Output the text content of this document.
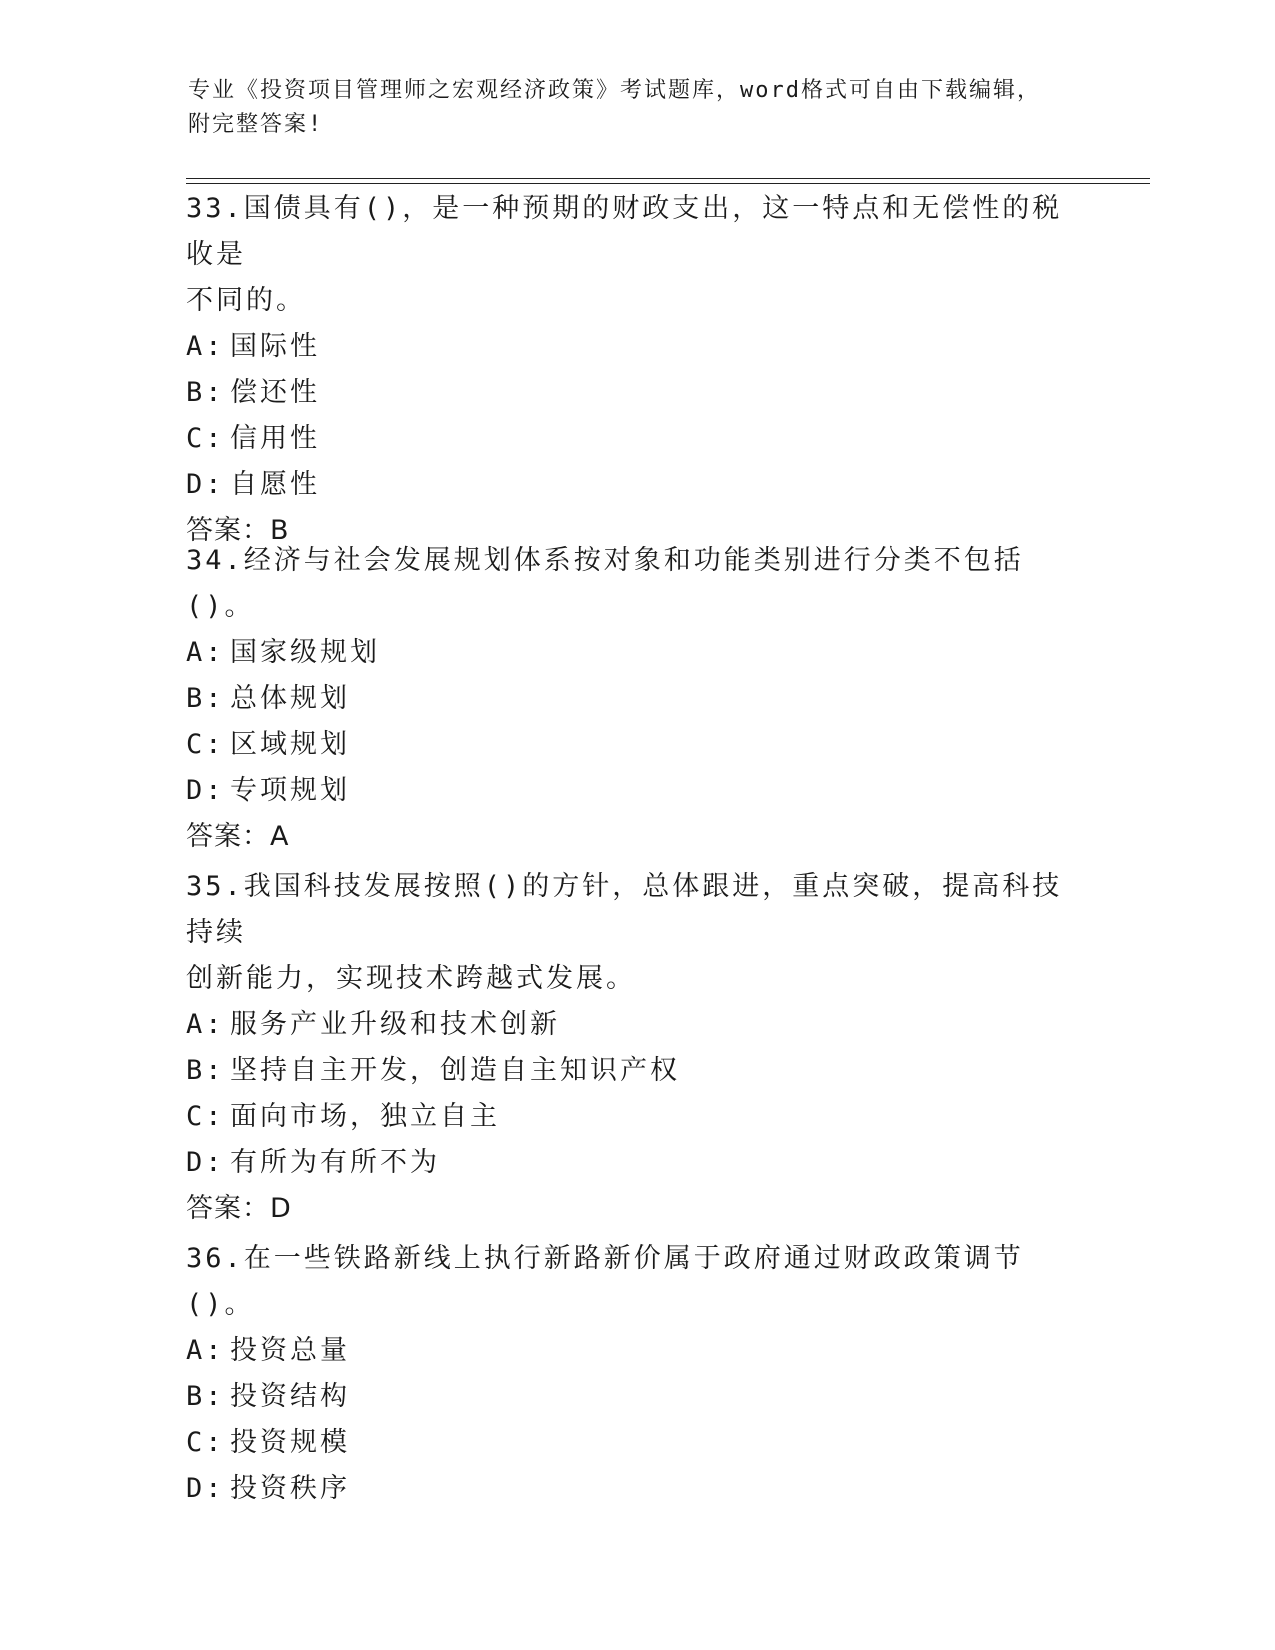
专业《投资项目管理师之宏观经济政策》考试题库，word格式可自由下载编辑，
附完整答案!

33.国债具有()，是一种预期的财政支出，这一特点和无偿性的税收是

不同的。

A: 国际性

B: 偿还性

C: 信用性

D: 自愿性

答案：B

34.经济与社会发展规划体系按对象和功能类别进行分类不包括()。

A: 国家级规划

B: 总体规划

C: 区域规划

D: 专项规划

答案：A

35.我国科技发展按照()的方针，总体跟进，重点突破，提高科技持续

创新能力，实现技术跨越式发展。

A: 服务产业升级和技术创新

B: 坚持自主开发，创造自主知识产权

C: 面向市场，独立自主

D: 有所为有所不为

答案：D

36.在一些铁路新线上执行新路新价属于政府通过财政政策调节()。

A: 投资总量

B: 投资结构

C: 投资规模

D: 投资秩序
